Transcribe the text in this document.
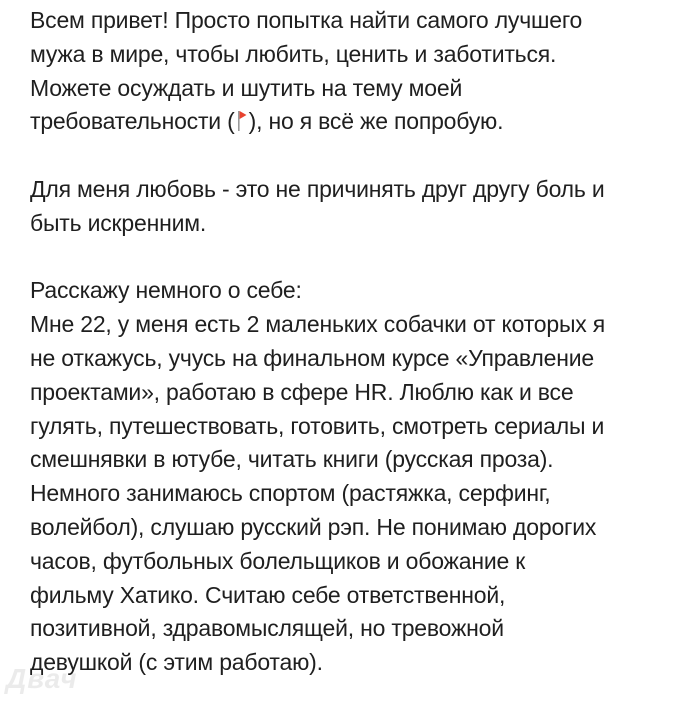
Всем привет! Просто попытка найти самого лучшего
мужа в мире, чтобы любить, ценить и заботиться.
Можете осуждать и шутить на тему моей
требовательности ( ), но я всё же попробую.
Для меня любовь - это не причинять друг другу боль и
быть искренним.
Расскажу немного о себе:
Мне 22, у меня есть 2 маленьких собачки от которых я
не откажусь, учусь на финальном курсе «Управление
проектами», работаю в сфере HR. Люблю как и все
гулять, путешествовать, готовить, смотреть сериалы и
смешнявки в ютубе, читать книги (русская проза).
Немного занимаюсь спортом (растяжка, серфинг,
волейбол), слушаю русский рэп. Не понимаю дорогих
часов, футбольных болельщиков и обожание к
фильму Хатико. Считаю себе ответственной,
позитивной, здравомыслящей, но тревожной
девушкой (с этим работаю).
Двач
